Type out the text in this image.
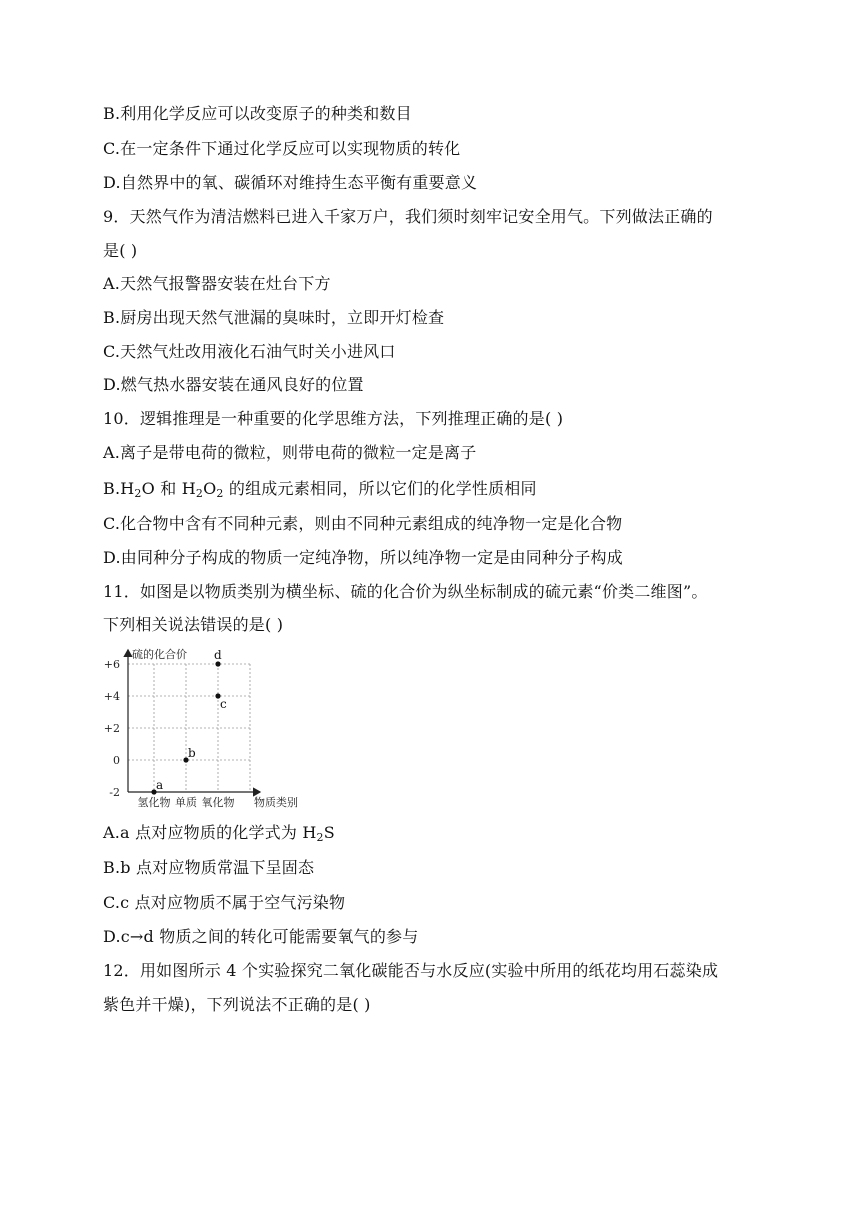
B.利用化学反应可以改变原子的种类和数目
C.在一定条件下通过化学反应可以实现物质的转化
D.自然界中的氧、碳循环对维持生态平衡有重要意义
9．天然气作为清洁燃料已进入千家万户，我们须时刻牢记安全用气。下列做法正确的
是( )
A.天然气报警器安装在灶台下方
B.厨房出现天然气泄漏的臭味时，立即开灯检查
C.天然气灶改用液化石油气时关小进风口
D.燃气热水器安装在通风良好的位置
10．逻辑推理是一种重要的化学思维方法，下列推理正确的是( )
A.离子是带电荷的微粒，则带电荷的微粒一定是离子
$B.H_2O$ 和 $H_2O_2$ 的组成元素相同，所以它们的化学性质相同
C.化合物中含有不同种元素，则由不同种元素组成的纯净物一定是化合物
D.由同种分子构成的物质一定纯净物，所以纯净物一定是由同种分子构成
11．如图是以物质类别为横坐标、硫的化合价为纵坐标制成的硫元素“价类二维图”。
下列相关说法错误的是( )
硫的化合价
+6
+4
+2
0
-2
氢化物 单质 氧化物 物质类别
a
b
c
d
A.a 点对应物质的化学式为 $H_2S$
B.b 点对应物质常温下呈固态
C.c 点对应物质不属于空气污染物
D.c→d 物质之间的转化可能需要氧气的参与
12．用如图所示 4 个实验探究二氧化碳能否与水反应(实验中所用的纸花均用石蕊染成
紫色并干燥)，下列说法不正确的是( )
